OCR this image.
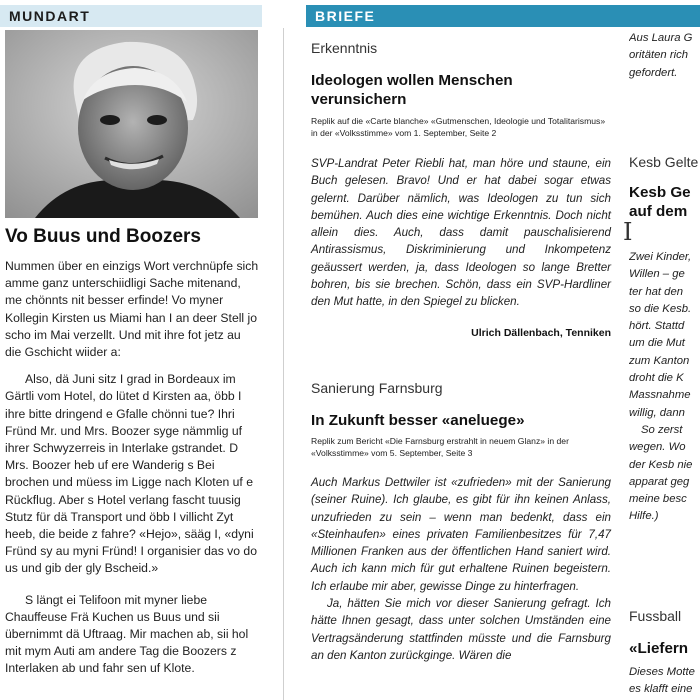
MUNDART	BRIEFE
Vo Buus und Boozers

Nummen über en einzigs Wort verchnüpfe sich amme ganz unterschiidligi Sache mitenand, me chönnts nit besser erfinde! Vo myner Kollegin Kirsten us Miami han I an deer Stell jo scho im Mai verzellt. Und mit ihre fot jetz au die Gschicht wiider a:

Also, dä Juni sitz I grad in Bordeaux im Gärtli vom Hotel, do lütet d Kirsten aa, öbb I ihre bitte dringend e Gfalle chönni tue? Ihri Fründ Mr. und Mrs. Boozer syge nämmlig uf ihrer Schwyzerreis in Interlake gstrandet. D Mrs. Boozer heb uf ere Wanderig s Bei brochen und müess im Ligge nach Kloten uf e Rückflug. Aber s Hotel verlang fascht tuusig Stutz für dä Transport und öbb I villicht Zyt heeb, die beide z fahre? «Hejo», sääg I, «dyni Fründ sy au myni Fründ! I organisier das vo do us und gib der gly Bscheid.»

S längt ei Telifoon mit myner liebe Chauffeuse Frä Kuchen us Buus und sii übernimmt dä Uftraag. Mir machen ab, sii hol mit mym Auti am andere Tag die Boozers z Interlaken ab und fahr sen uf Klote.

Erkenntnis
Ideologen wollen Menschen verunsichern
Replik auf die «Carte blanche» «Gutmenschen, Ideologie und Totalitarismus» in der «Volksstimme» vom 1. September, Seite 2

SVP-Landrat Peter Riebli hat, man höre und staune, ein Buch gelesen. Bravo! Und er hat dabei sogar etwas gelernt. Darüber nämlich, was Ideologen zu tun sich bemühen. Auch dies eine wichtige Erkenntnis. Doch nicht allein dies. Auch, dass damit pauschalisierend Antirassismus, Diskriminierung und Inkompetenz geäussert werden, ja, dass Ideologen so lange Bretter bohren, bis sie brechen. Schön, dass ein SVP-Hardliner den Mut hatte, in den Spiegel zu blicken.

Ulrich Dällenbach, Tenniken
Sanierung Farnsburg
In Zukunft besser «aneluege»
Replik zum Bericht «Die Farnsburg erstrahlt in neuem Glanz» in der «Volksstimme» vom 5. September, Seite 3

Auch Markus Dettwiler ist «zufrieden» mit der Sanierung (seiner Ruine). Ich glaube, es gibt für ihn keinen Anlass, unzufrieden zu sein – wenn man bedenkt, dass ein «Steinhaufen» eines privaten Familienbesitzes für 7,47 Millionen Franken aus der öffentlichen Hand saniert wird. Auch ich kann mich für gut erhaltene Ruinen begeistern. Ich erlaube mir aber, gewisse Dinge zu hinterfragen.

Ja, hätten Sie mich vor dieser Sanierung gefragt. Ich hätte Ihnen gesagt, dass unter solchen Umständen eine Vertragsänderung stattfinden müsste und die Farnsburg an den Kanton zurückginge. Wären die

Aus Laura G
oritäten rich
gefordert.
Kesb Gelte
Kesb Ge
auf dem
I
Zwei Kinder,
Willen – ge
ter hat den
so die Kesb.
hört. Stattd
um die Mut
zum Kanton
droht die K
Massnahme
willig, dann
So zerst
wegen. Wo
der Kesb nie
apparat geg
meine besc
Hilfe.)
Fussball
«Liefern
Dieses Motte
es klafft eine
